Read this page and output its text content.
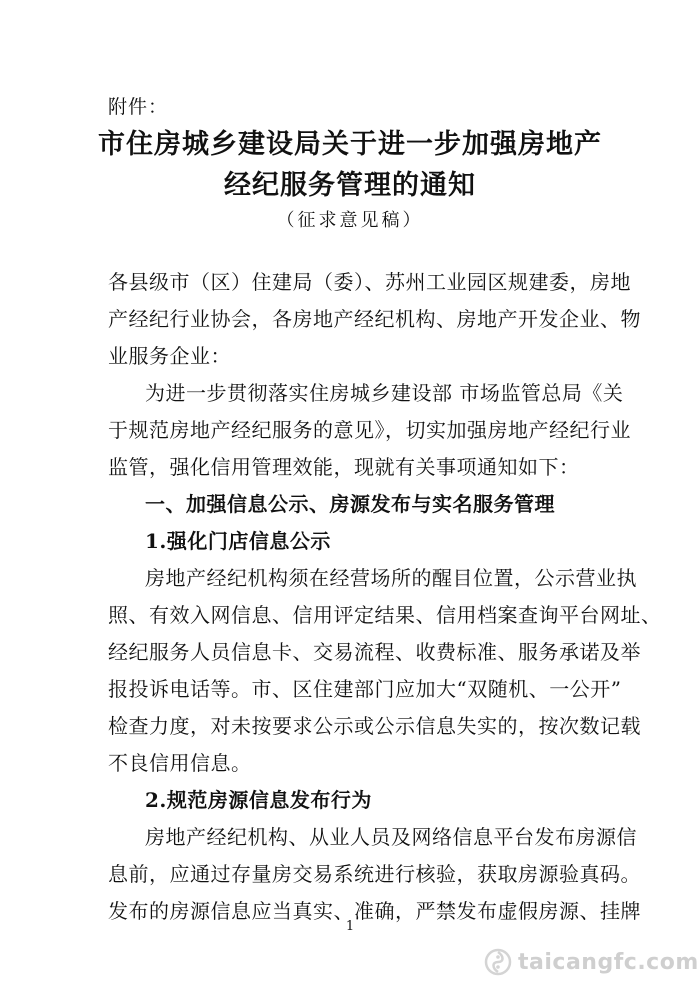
附件：
市住房城乡建设局关于进一步加强房地产
经纪服务管理的通知
（征求意见稿）
各县级市（区）住建局（委）、苏州工业园区规建委，房地
产经纪行业协会，各房地产经纪机构、房地产开发企业、物
业服务企业：
为进一步贯彻落实住房城乡建设部 市场监管总局《关
于规范房地产经纪服务的意见》，切实加强房地产经纪行业
监管，强化信用管理效能，现就有关事项通知如下：
一、加强信息公示、房源发布与实名服务管理
1.强化门店信息公示
房地产经纪机构须在经营场所的醒目位置，公示营业执
照、有效入网信息、信用评定结果、信用档案查询平台网址、
经纪服务人员信息卡、交易流程、收费标准、服务承诺及举
报投诉电话等。市、区住建部门应加大“双随机、一公开”
检查力度，对未按要求公示或公示信息失实的，按次数记载
不良信用信息。
2.规范房源信息发布行为
房地产经纪机构、从业人员及网络信息平台发布房源信
息前，应通过存量房交易系统进行核验，获取房源验真码。
发布的房源信息应当真实、准确，严禁发布虚假房源、挂牌
1
taicangfc.com
